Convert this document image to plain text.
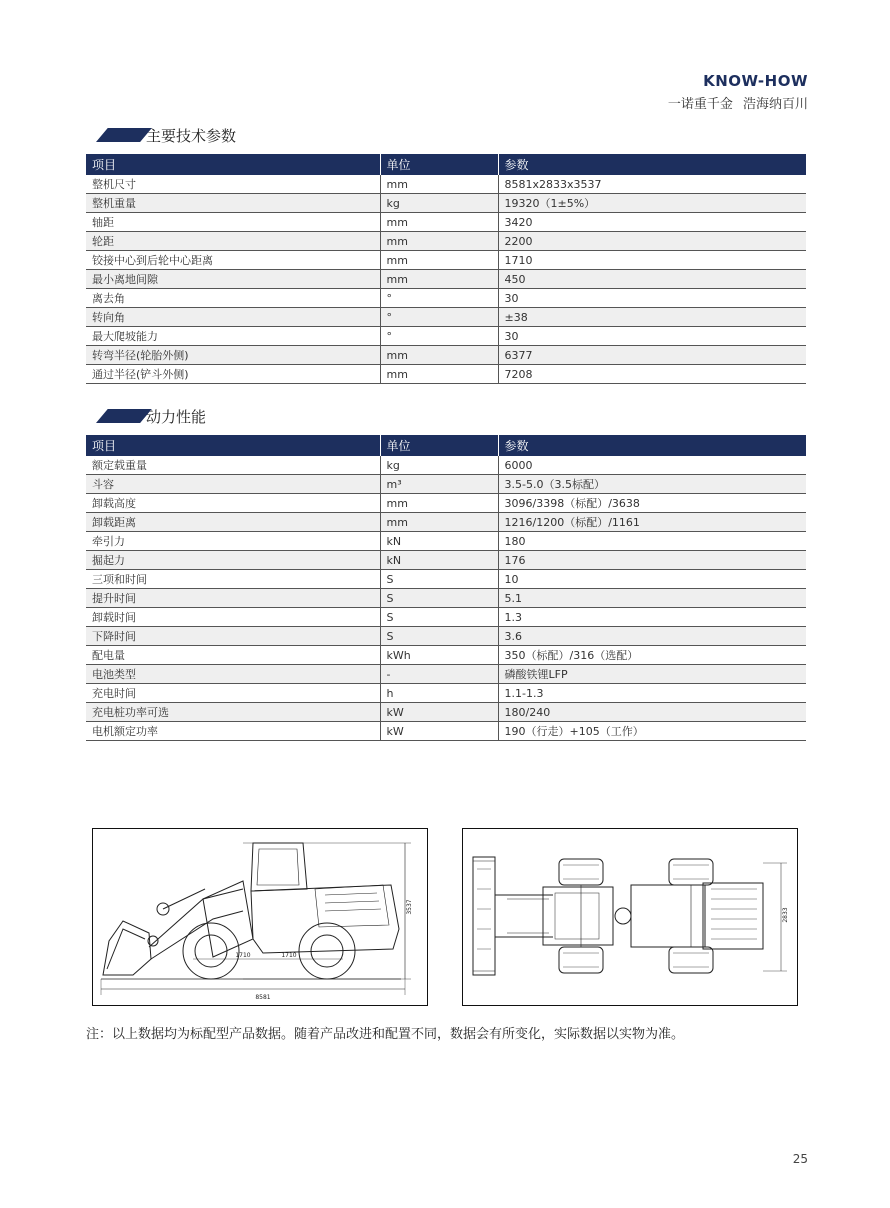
KNOW-HOW
一诺重千金 浩海纳百川
主要技术参数
项目	单位	参数
整机尺寸	mm	8581x2833x3537
整机重量	kg	19320（1±5%）
轴距	mm	3420
轮距	mm	2200
铰接中心到后轮中心距离	mm	1710
最小离地间隙	mm	450
离去角	°	30
转向角	°	±38
最大爬坡能力	°	30
转弯半径(轮胎外侧)	mm	6377
通过半径(铲斗外侧)	mm	7208
动力性能
项目	单位	参数
额定载重量	kg	6000
斗容	m³	3.5-5.0（3.5标配）
卸载高度	mm	3096/3398（标配）/3638
卸载距离	mm	1216/1200（标配）/1161
牵引力	kN	180
掘起力	kN	176
三项和时间	S	10
提升时间	S	5.1
卸载时间	S	1.3
下降时间	S	3.6
配电量	kWh	350（标配）/316（选配）
电池类型	-	磷酸铁锂LFP
充电时间	h	1.1-1.3
充电桩功率可选	kW	180/240
电机额定功率	kW	190（行走）+105（工作）
8581
3537
1710	1710
2833
注：以上数据均为标配型产品数据。随着产品改进和配置不同，数据会有所变化，实际数据以实物为准。
25
